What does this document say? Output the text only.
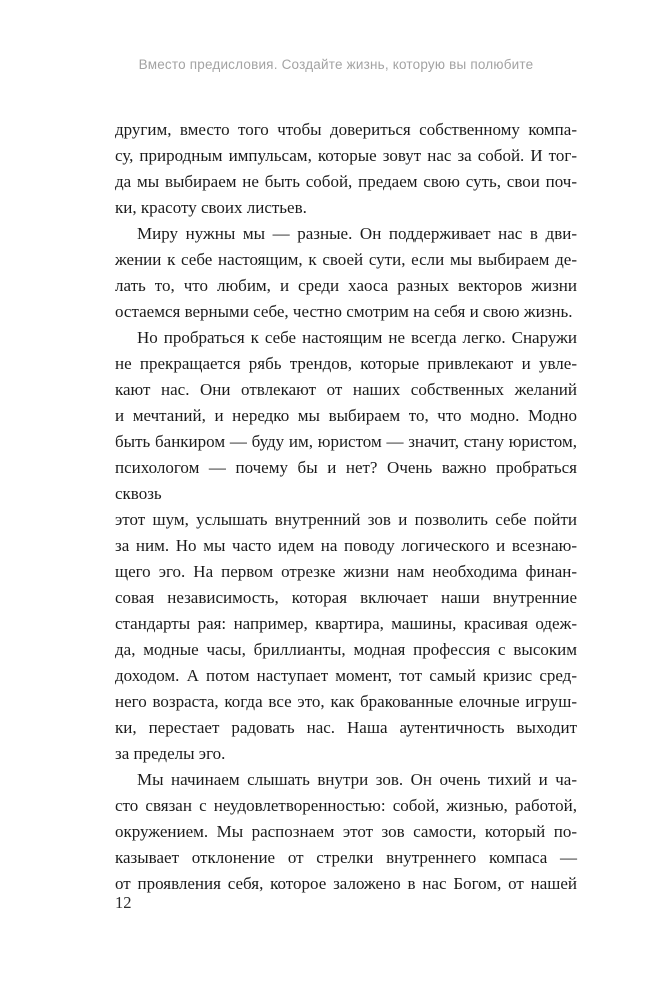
Вместо предисловия. Создайте жизнь, которую вы полюбите
другим, вместо того чтобы довериться собственному компа-
су, природным импульсам, которые зовут нас за собой. И тог-
да мы выбираем не быть собой, предаем свою суть, свои поч-
ки, красоту своих листьев.
Миру нужны мы — разные. Он поддерживает нас в дви-
жении к себе настоящим, к своей сути, если мы выбираем де-
лать то, что любим, и среди хаоса разных векторов жизни
остаемся верными себе, честно смотрим на себя и свою жизнь.
Но пробраться к себе настоящим не всегда легко. Снаружи
не прекращается рябь трендов, которые привлекают и увле-
кают нас. Они отвлекают от наших собственных желаний
и мечтаний, и нередко мы выбираем то, что модно. Модно
быть банкиром — буду им, юристом — значит, стану юристом,
психологом — почему бы и нет? Очень важно пробраться сквозь
этот шум, услышать внутренний зов и позволить себе пойти
за ним. Но мы часто идем на поводу логического и всезнаю-
щего эго. На первом отрезке жизни нам необходима финан-
совая независимость, которая включает наши внутренние
стандарты рая: например, квартира, машины, красивая одеж-
да, модные часы, бриллианты, модная профессия с высоким
доходом. А потом наступает момент, тот самый кризис сред-
него возраста, когда все это, как бракованные елочные игруш-
ки, перестает радовать нас. Наша аутентичность выходит
за пределы эго.
Мы начинаем слышать внутри зов. Он очень тихий и ча-
сто связан с неудовлетворенностью: собой, жизнью, работой,
окружением. Мы распознаем этот зов самости, который по-
казывает отклонение от стрелки внутреннего компаса —
от проявления себя, которое заложено в нас Богом, от нашей
12
